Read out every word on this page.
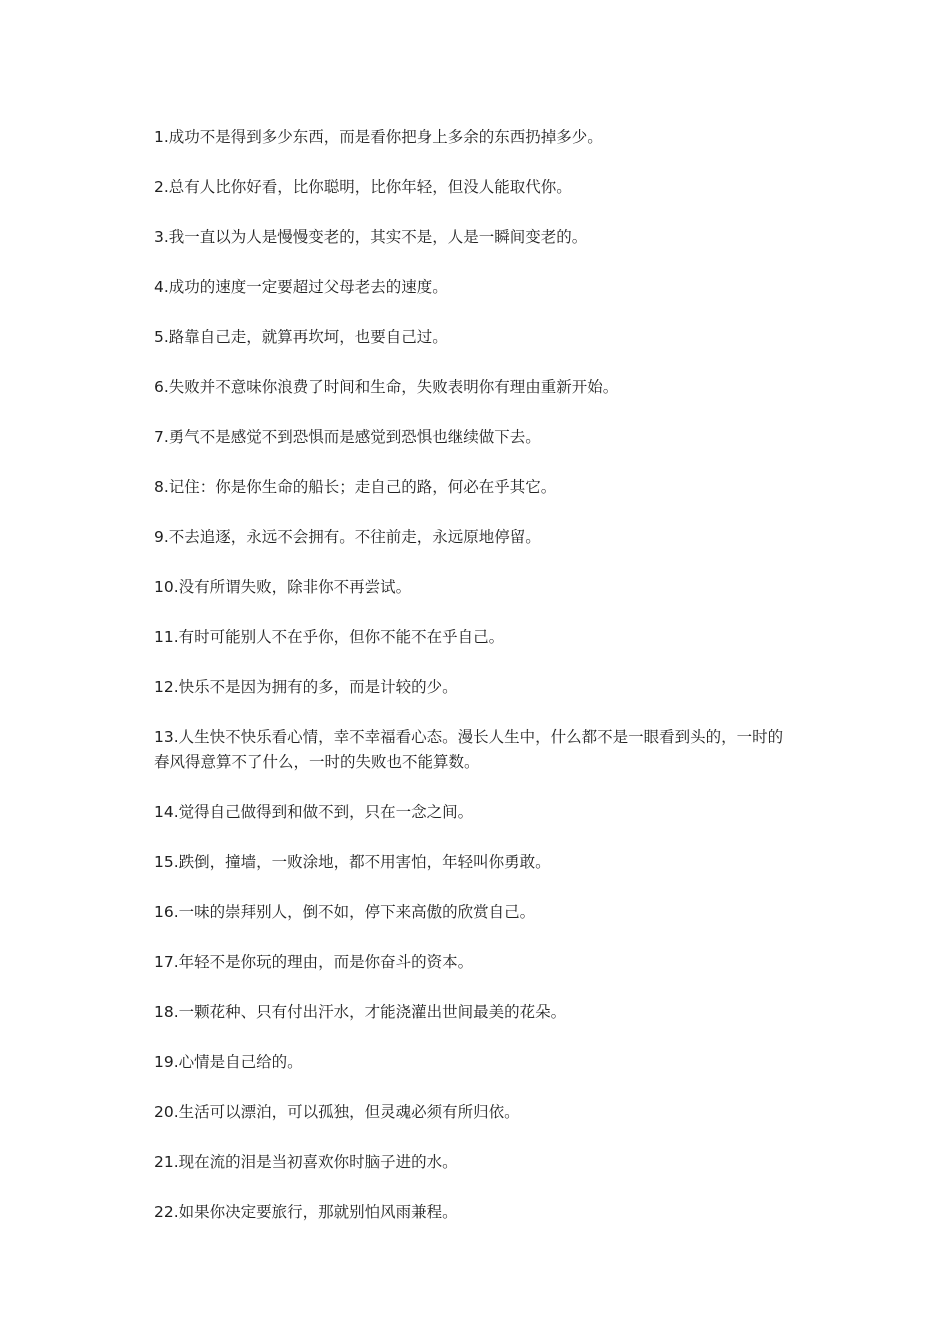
1.成功不是得到多少东西，而是看你把身上多余的东西扔掉多少。
2.总有人比你好看，比你聪明，比你年轻，但没人能取代你。
3.我一直以为人是慢慢变老的，其实不是，人是一瞬间变老的。
4.成功的速度一定要超过父母老去的速度。
5.路靠自己走，就算再坎坷，也要自己过。
6.失败并不意味你浪费了时间和生命，失败表明你有理由重新开始。
7.勇气不是感觉不到恐惧而是感觉到恐惧也继续做下去。
8.记住：你是你生命的船长；走自己的路，何必在乎其它。
9.不去追逐，永远不会拥有。不往前走，永远原地停留。
10.没有所谓失败，除非你不再尝试。
11.有时可能别人不在乎你，但你不能不在乎自己。
12.快乐不是因为拥有的多，而是计较的少。
13.人生快不快乐看心情，幸不幸福看心态。漫长人生中，什么都不是一眼看到头的，一时的春风得意算不了什么，一时的失败也不能算数。
14.觉得自己做得到和做不到，只在一念之间。
15.跌倒，撞墙，一败涂地，都不用害怕，年轻叫你勇敢。
16.一味的崇拜别人，倒不如，停下来高傲的欣赏自己。
17.年轻不是你玩的理由，而是你奋斗的资本。
18.一颗花种、只有付出汗水，才能浇灌出世间最美的花朵。
19.心情是自己给的。
20.生活可以漂泊，可以孤独，但灵魂必须有所归依。
21.现在流的泪是当初喜欢你时脑子进的水。
22.如果你决定要旅行，那就别怕风雨兼程。
